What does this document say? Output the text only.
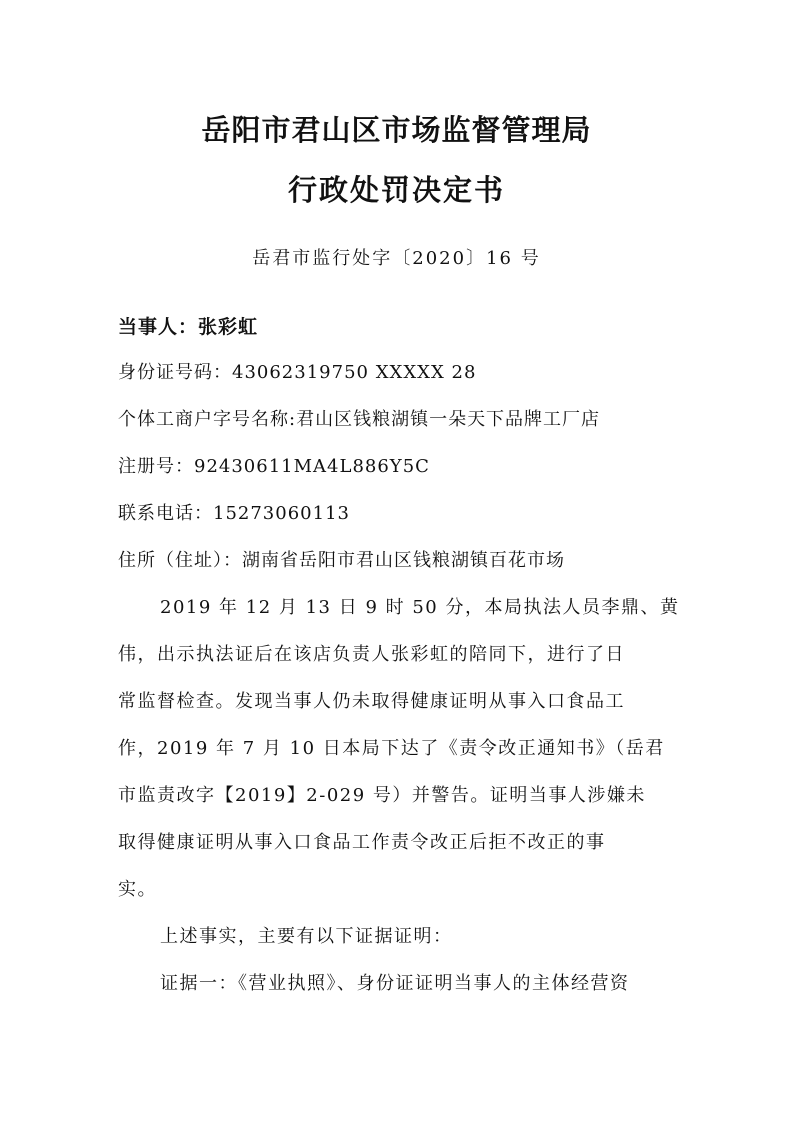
岳阳市君山区市场监督管理局
行政处罚决定书
岳君市监行处字〔2020〕16 号
当事人：张彩虹
身份证号码：43062319750 XXXXX 28
个体工商户字号名称:君山区钱粮湖镇一朵天下品牌工厂店
注册号：92430611MA4L886Y5C
联系电话：15273060113
住所（住址）：湖南省岳阳市君山区钱粮湖镇百花市场
2019 年 12 月 13 日 9 时 50 分，本局执法人员李鼎、黄
伟，出示执法证后在该店负责人张彩虹的陪同下，进行了日
常监督检查。发现当事人仍未取得健康证明从事入口食品工
作，2019 年 7 月 10 日本局下达了《责令改正通知书》（岳君
市监责改字【2019】2-029 号）并警告。证明当事人涉嫌未
取得健康证明从事入口食品工作责令改正后拒不改正的事
实。
上述事实，主要有以下证据证明：
证据一：《营业执照》、身份证证明当事人的主体经营资
